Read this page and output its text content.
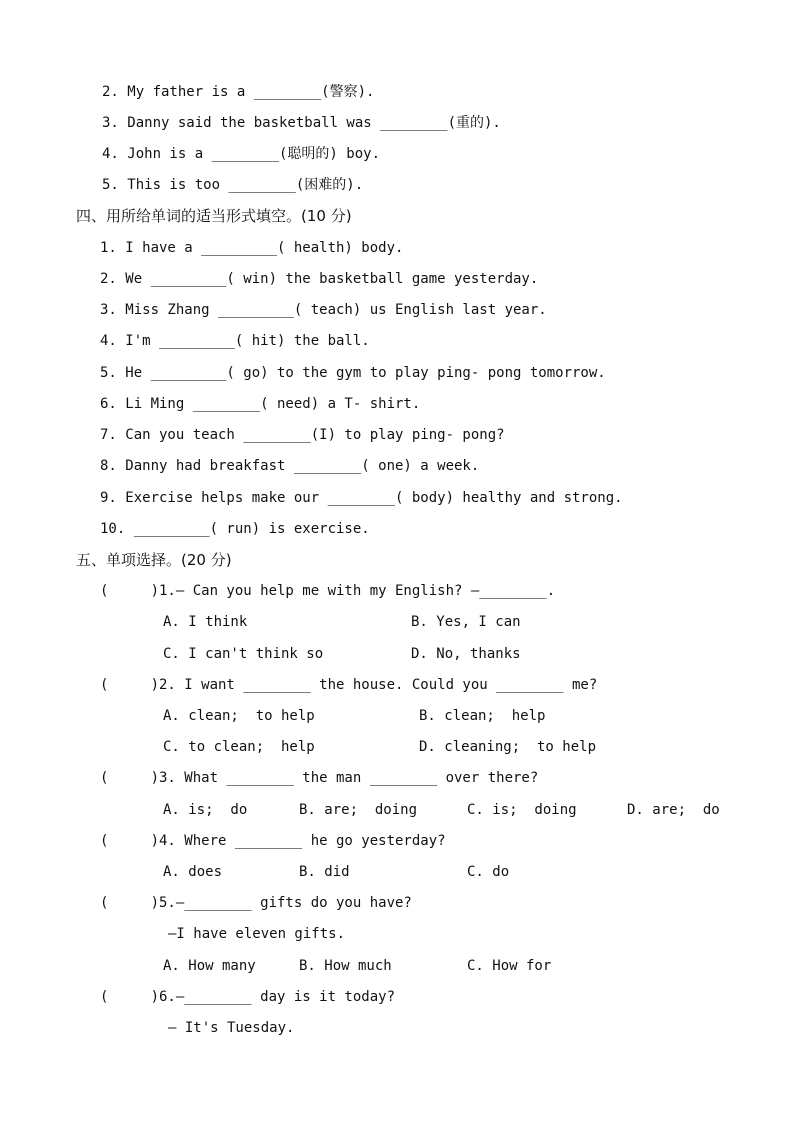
2. My father is a ________(警察).
3. Danny said the basketball was ________(重的).
4. John is a ________(聪明的) boy.
5. This is too ________(困难的).
四、用所给单词的适当形式填空。(10 分)
1. I have a _________( health) body.
2. We _________( win) the basketball game yesterday.
3. Miss Zhang _________( teach) us English last year.
4. I'm _________( hit) the ball.
5. He _________( go) to the gym to play ping- pong tomorrow.
6. Li Ming ________( need) a T- shirt.
7. Can you teach ________(I) to play ping- pong?
8. Danny had breakfast ________( one) a week.
9. Exercise helps make our ________( body) healthy and strong.
10. _________( run) is exercise.
五、单项选择。(20 分)
(     )1.— Can you help me with my English? —________.
A. I think	B. Yes, I can
C. I can't think so	D. No, thanks
(     )2. I want ________ the house. Could you ________ me?
A. clean;  to help	B. clean;  help
C. to clean;  help	D. cleaning;  to help
(     )3. What ________ the man ________ over there?
A. is;  do	B. are;  doing	C. is;  doing	D. are;  do
(     )4. Where ________ he go yesterday?
A. does	B. did	C. do
(     )5.—________ gifts do you have?
—I have eleven gifts.
A. How many	B. How much	C. How for
(     )6.—________ day is it today?
— It's Tuesday.
